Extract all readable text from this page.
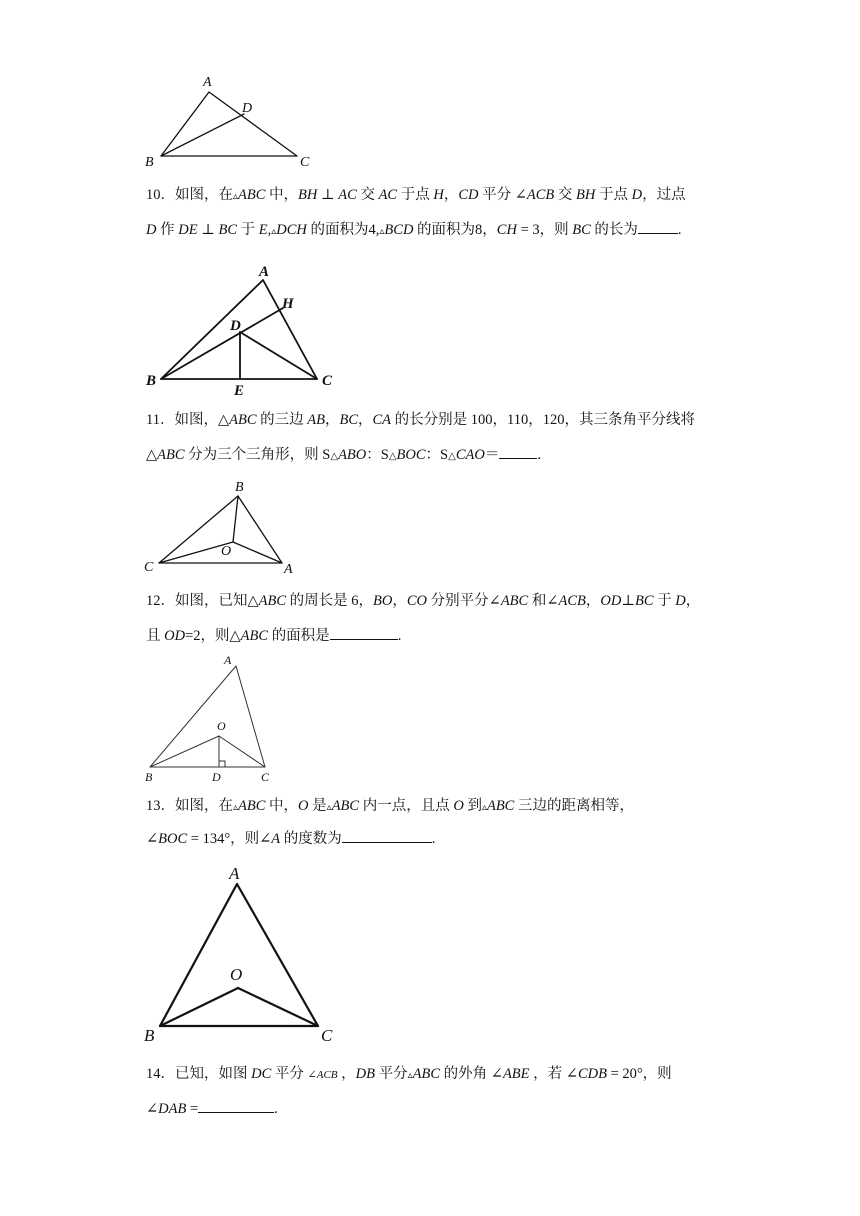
A
D
B	C
10．如图，在▵ABC 中，BH ⊥ AC 交 AC 于点 H，CD 平分 ∠ACB 交 BH 于点 D，过点
D 作 DE ⊥ BC 于 E,▵DCH 的面积为4,▵BCD 的面积为8，CH = 3，则 BC 的长为	.
A
H
D
B
E
C
11．如图，△ABC 的三边 AB，BC，CA 的长分别是 100，110，120，其三条角平分线将
△ABC 分为三个三角形，则 S△ABO：S△BOC：S△CAO＝	.
B
O
C	A
12．如图，已知△ABC 的周长是 6，BO，CO 分别平分∠ABC 和∠ACB，OD⊥BC 于 D，
且 OD=2，则△ABC 的面积是	.
A
O
B	D	C
13．如图，在▵ABC 中，O 是▵ABC 内一点，且点 O 到▵ABC 三边的距离相等，
∠BOC = 134°，则∠A 的度数为	.
A
O
B	C
14．已知，如图 DC 平分 ∠ACB ，DB 平分▵ABC 的外角 ∠ABE ，若 ∠CDB = 20°，则
∠DAB =	.
